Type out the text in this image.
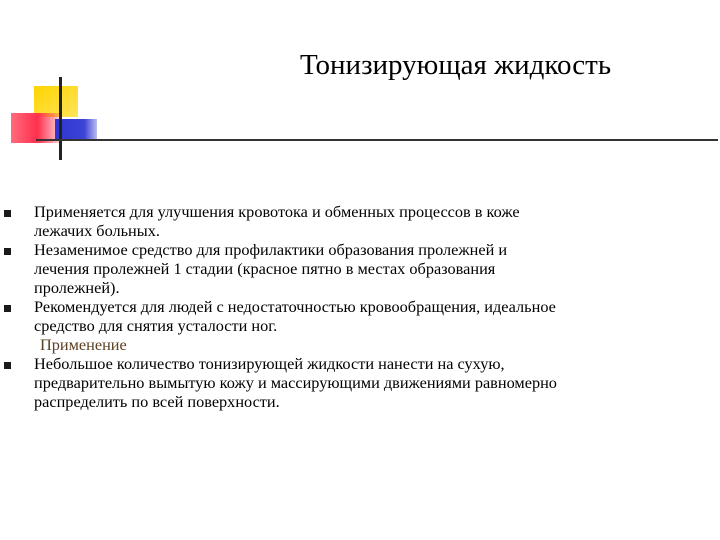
Тонизирующая жидкость
Применяется для улучшения кровотока и обменных процессов в коже
лежачих больных.
Незаменимое средство для профилактики образования пролежней и
лечения пролежней 1 стадии (красное пятно в местах образования
пролежней).
Рекомендуется для людей с недостаточностью кровообращения, идеальное
средство для снятия усталости ног.
Применение
Небольшое количество тонизирующей жидкости нанести на сухую,
предварительно вымытую кожу и массирующими движениями равномерно
распределить по всей поверхности.
